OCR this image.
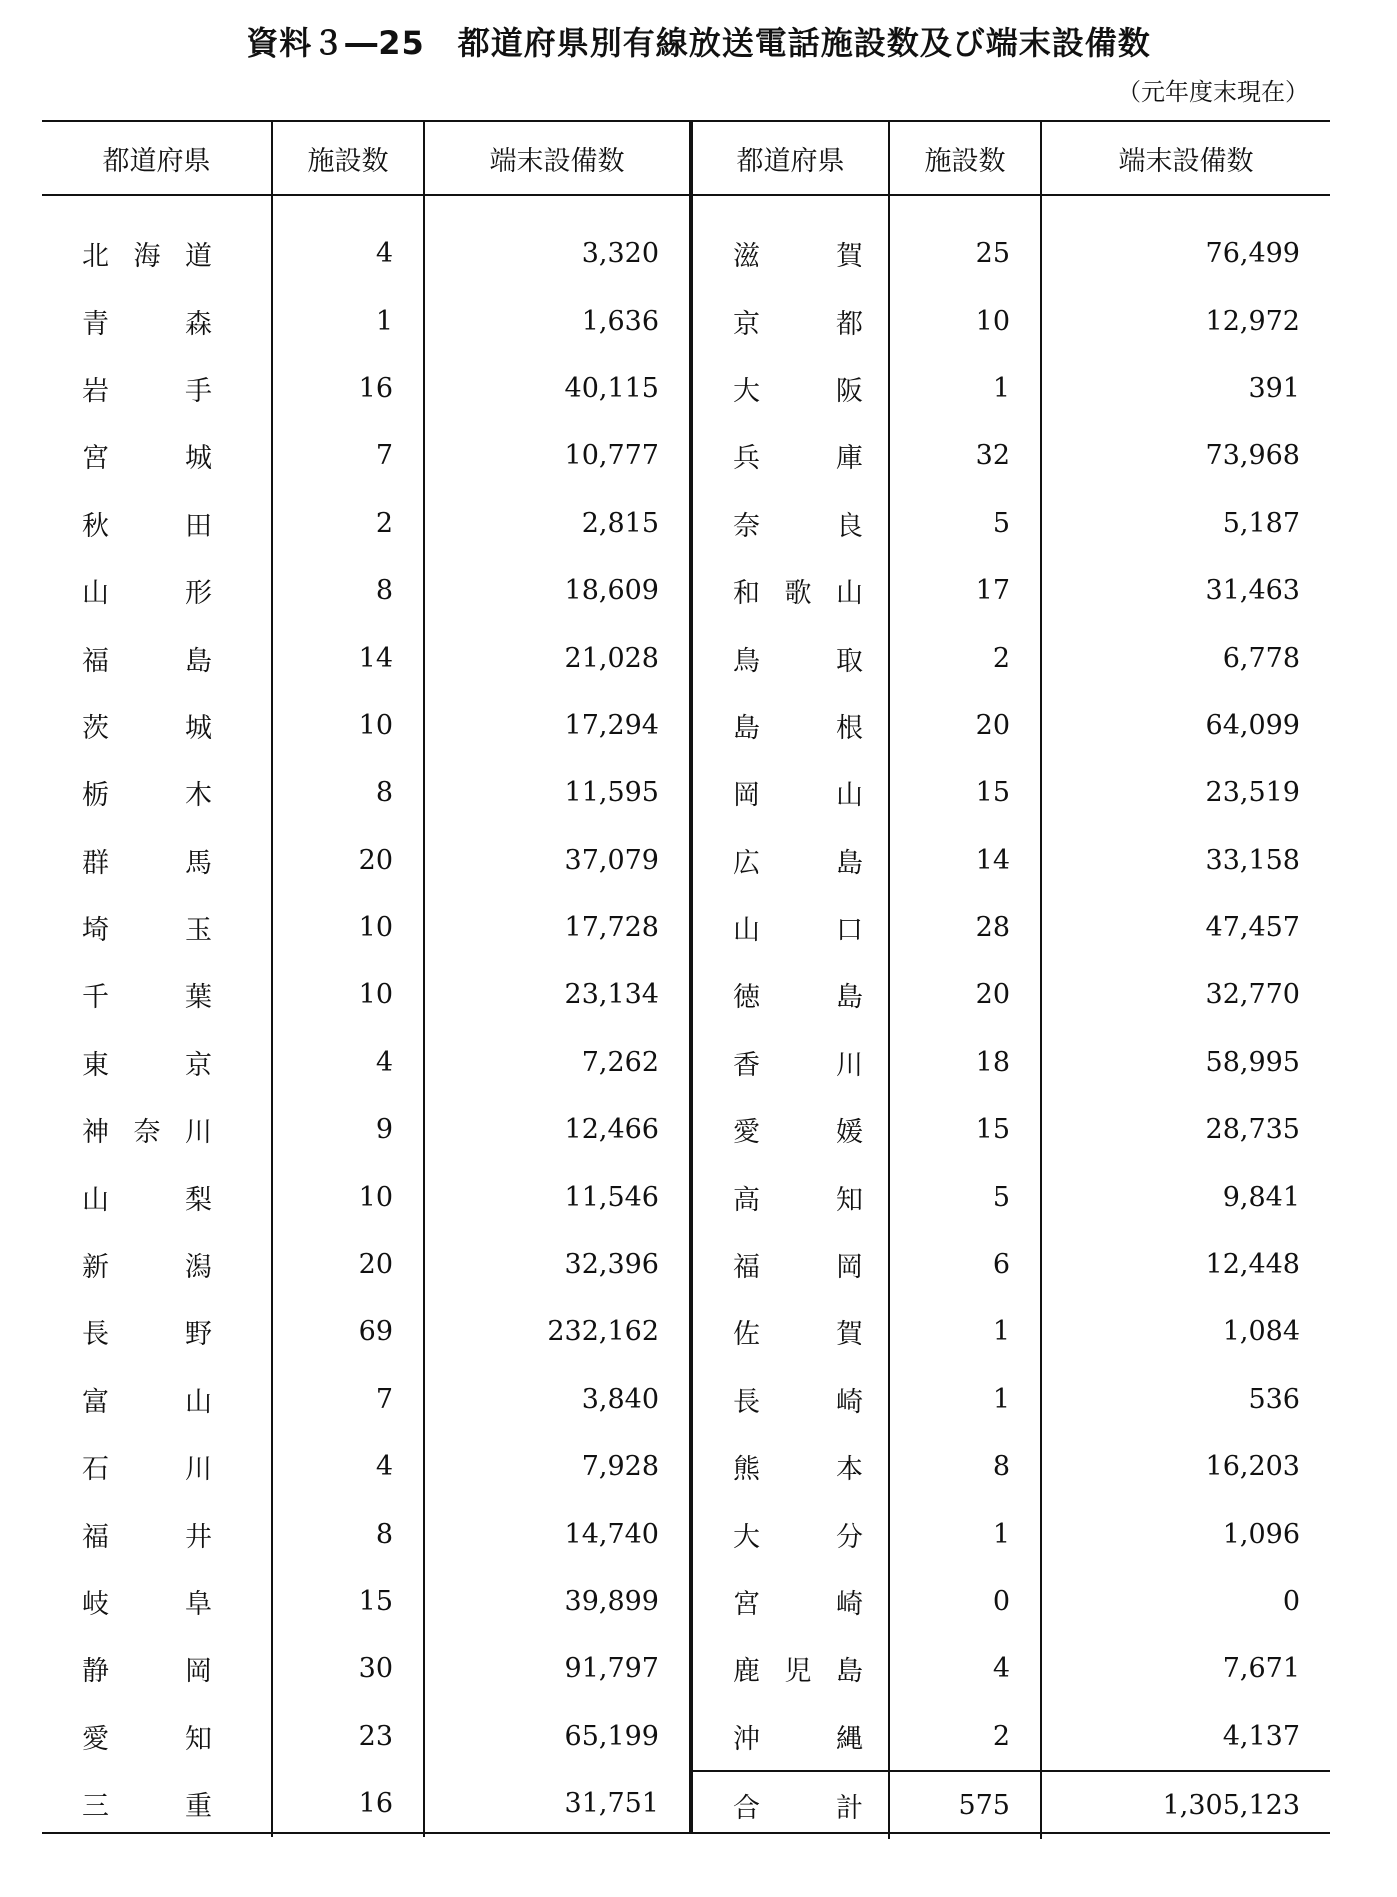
資料３―25　都道府県別有線放送電話施設数及び端末設備数
（元年度末現在）
都道府県	施設数	端末設備数

北 海 道	4	3,320

青 森	1	1,636

岩 手	16	40,115

宮 城	7	10,777

秋 田	2	2,815

山 形	8	18,609

福 島	14	21,028

茨 城	10	17,294

栃 木	8	11,595

群 馬	20	37,079

埼 玉	10	17,728

千 葉	10	23,134

東 京	4	7,262

神 奈 川	9	12,466

山 梨	10	11,546

新 潟	20	32,396

長 野	69	232,162

富 山	7	3,840

石 川	4	7,928

福 井	8	14,740

岐 阜	15	39,899

静 岡	30	91,797

愛 知	23	65,199

三 重	16	31,751
都道府県	施設数	端末設備数

滋 賀	25	76,499

京 都	10	12,972

大 阪	1	391

兵 庫	32	73,968

奈 良	5	5,187

和 歌 山	17	31,463

鳥 取	2	6,778

島 根	20	64,099

岡 山	15	23,519

広 島	14	33,158

山 口	28	47,457

徳 島	20	32,770

香 川	18	58,995

愛 媛	15	28,735

高 知	5	9,841

福 岡	6	12,448

佐 賀	1	1,084

長 崎	1	536

熊 本	8	16,203

大 分	1	1,096

宮 崎	0	0

鹿 児 島	4	7,671

沖 縄	2	4,137

合 計	575	1,305,123
